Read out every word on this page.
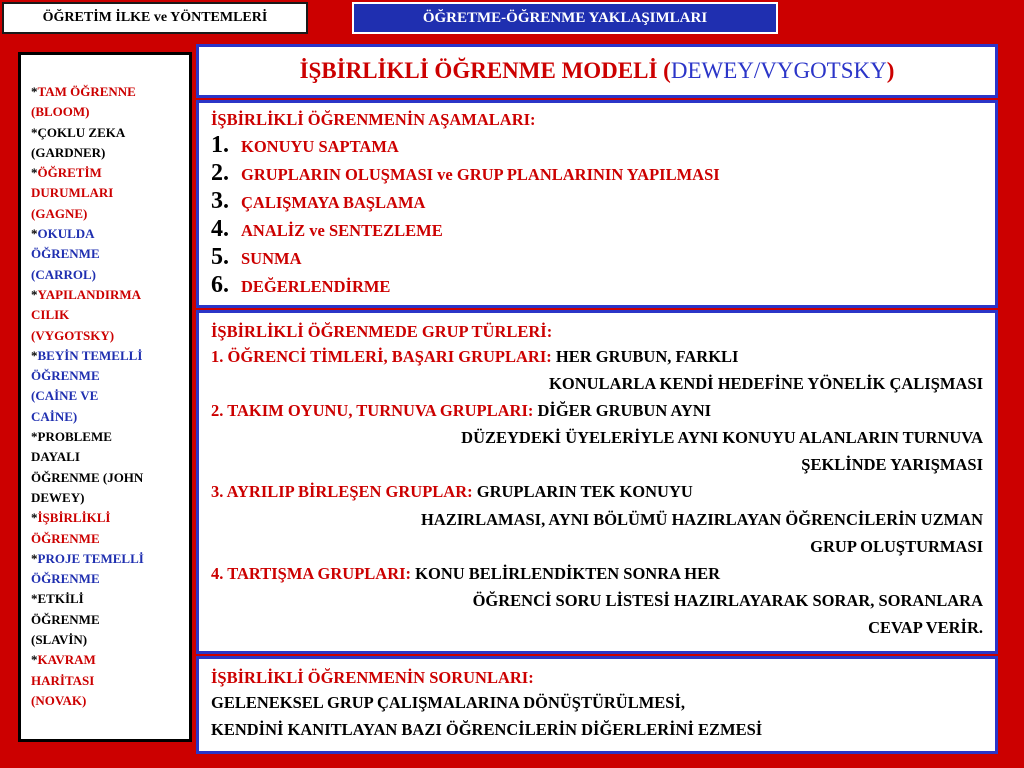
ÖĞRETİM İLKE ve YÖNTEMLERİ	ÖĞRETME-ÖĞRENME YAKLAŞIMLARI
*TAM ÖĞRENNE
(BLOOM)
*ÇOKLU ZEKA
(GARDNER)
*ÖĞRETİM
DURUMLARI
(GAGNE)
*OKULDA
ÖĞRENME
(CARROL)
*YAPILANDIRMA
CILIK
(VYGOTSKY)
*BEYİN TEMELLİ
ÖĞRENME
(CAİNE VE
CAİNE)
*PROBLEME
DAYALI
ÖĞRENME (JOHN
DEWEY)
*İŞBİRLİKLİ
ÖĞRENME
*PROJE TEMELLİ
ÖĞRENME
*ETKİLİ
ÖĞRENME
(SLAVİN)
*KAVRAM
HARİTASI
(NOVAK)
İŞBİRLİKLİ ÖĞRENME MODELİ ( DEWEY/VYGOTSKY )
İŞBİRLİKLİ ÖĞRENMENİN AŞAMALARI:
1. KONUYU SAPTAMA
2. GRUPLARIN OLUŞMASI ve GRUP PLANLARININ YAPILMASI
3. ÇALIŞMAYA BAŞLAMA
4. ANALİZ ve SENTEZLEME
5. SUNMA
6. DEĞERLENDİRME
İŞBİRLİKLİ ÖĞRENMEDE GRUP TÜRLERİ:
1. ÖĞRENCİ TİMLERİ, BAŞARI GRUPLARI: HER GRUBUN, FARKLI
KONULARLA KENDİ HEDEFİNE YÖNELİK ÇALIŞMASI
2. TAKIM OYUNU, TURNUVA GRUPLARI: DİĞER GRUBUN AYNI
DÜZEYDEKİ ÜYELERİYLE AYNI KONUYU ALANLARIN TURNUVA
ŞEKLİNDE YARIŞMASI
3. AYRILIP BİRLEŞEN GRUPLAR: GRUPLARIN TEK KONUYU
HAZIRLAMASI, AYNI BÖLÜMÜ HAZIRLAYAN ÖĞRENCİLERİN UZMAN
GRUP OLUŞTURMASI
4. TARTIŞMA GRUPLARI: KONU BELİRLENDİKTEN SONRA HER
ÖĞRENCİ SORU LİSTESİ HAZIRLAYARAK SORAR, SORANLARA
CEVAP VERİR.
İŞBİRLİKLİ ÖĞRENMENİN SORUNLARI:
GELENEKSEL GRUP ÇALIŞMALARINA DÖNÜŞTÜRÜLMESİ,
KENDİNİ KANITLAYAN BAZI ÖĞRENCİLERİN DİĞERLERİNİ EZMESİ
